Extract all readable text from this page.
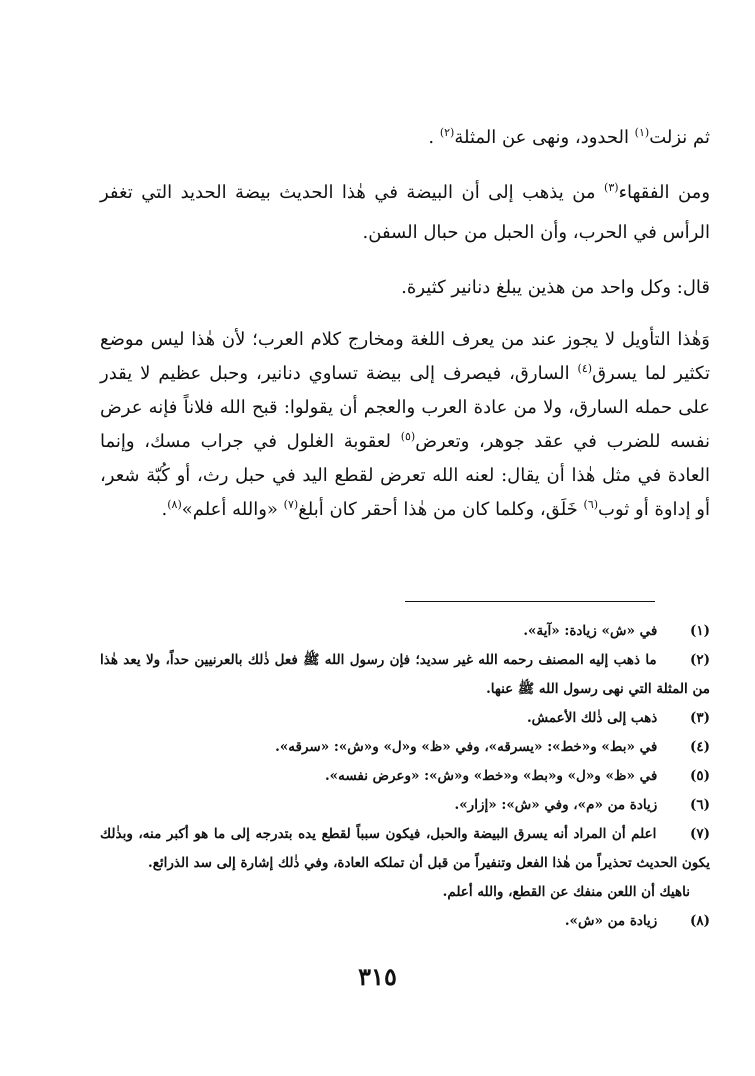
ثم نزلت$^{(١)}$ الحدود، ونهى عن المثلة$^{(٢)}$ .

ومن الفقهاء$^{(٣)}$ من يذهب إلى أن البيضة في هٰذا الحديث بيضة الحديد التي تغفر الرأس في الحرب، وأن الحبل من حبال السفن.

قال: وكل واحد من هذين يبلغ دنانير كثيرة.

وَهٰذا التأويل لا يجوز عند من يعرف اللغة ومخارج كلام العرب؛ لأن هٰذا ليس موضع تكثير لما يسرق$^{(٤)}$ السارق، فيصرف إلى بيضة تساوي دنانير، وحبل عظيم لا يقدر على حمله السارق، ولا من عادة العرب والعجم أن يقولوا: قبح الله فلاناً فإنه عرض نفسه للضرب في عقد جوهر، وتعرض$^{(٥)}$ لعقوبة الغلول في جراب مسك، وإنما العادة في مثل هٰذا أن يقال: لعنه الله تعرض لقطع اليد في حبل رث، أو كُبّة شعر، أو إداوة أو ثوب$^{(٦)}$ خَلَق، وكلما كان من هٰذا أحقر كان أبلغ$^{(٧)}$ «والله أعلم»$^{(٨)}$.

(١) في «ش» زيادة: «آية».

(٢) ما ذهب إليه المصنف رحمه الله غير سديد؛ فإن رسول الله ﷺ فعل ذٰلك بالعرنيين حداً، ولا يعد هٰذا من المثلة التي نهى رسول الله ﷺ عنها.

(٣) ذهب إلى ذٰلك الأعمش.

(٤) في «بط» و«خط»: «يسرقه»، وفي «ظ» و«ل» و«ش»: «سرقه».

(٥) في «ظ» و«ل» و«بط» و«خط» و«ش»: «وعرض نفسه».

(٦) زيادة من «م»، وفي «ش»: «إزار».

(٧) اعلم أن المراد أنه يسرق البيضة والحبل، فيكون سبباً لقطع يده بتدرجه إلى ما هو أكبر منه، وبذٰلك يكون الحديث تحذيراً من هٰذا الفعل وتنفيراً من قبل أن تملكه العادة، وفي ذٰلك إشارة إلى سد الذرائع.

ناهيك أن اللعن منفك عن القطع، والله أعلم.

(٨) زيادة من «ش».

٣١٥
